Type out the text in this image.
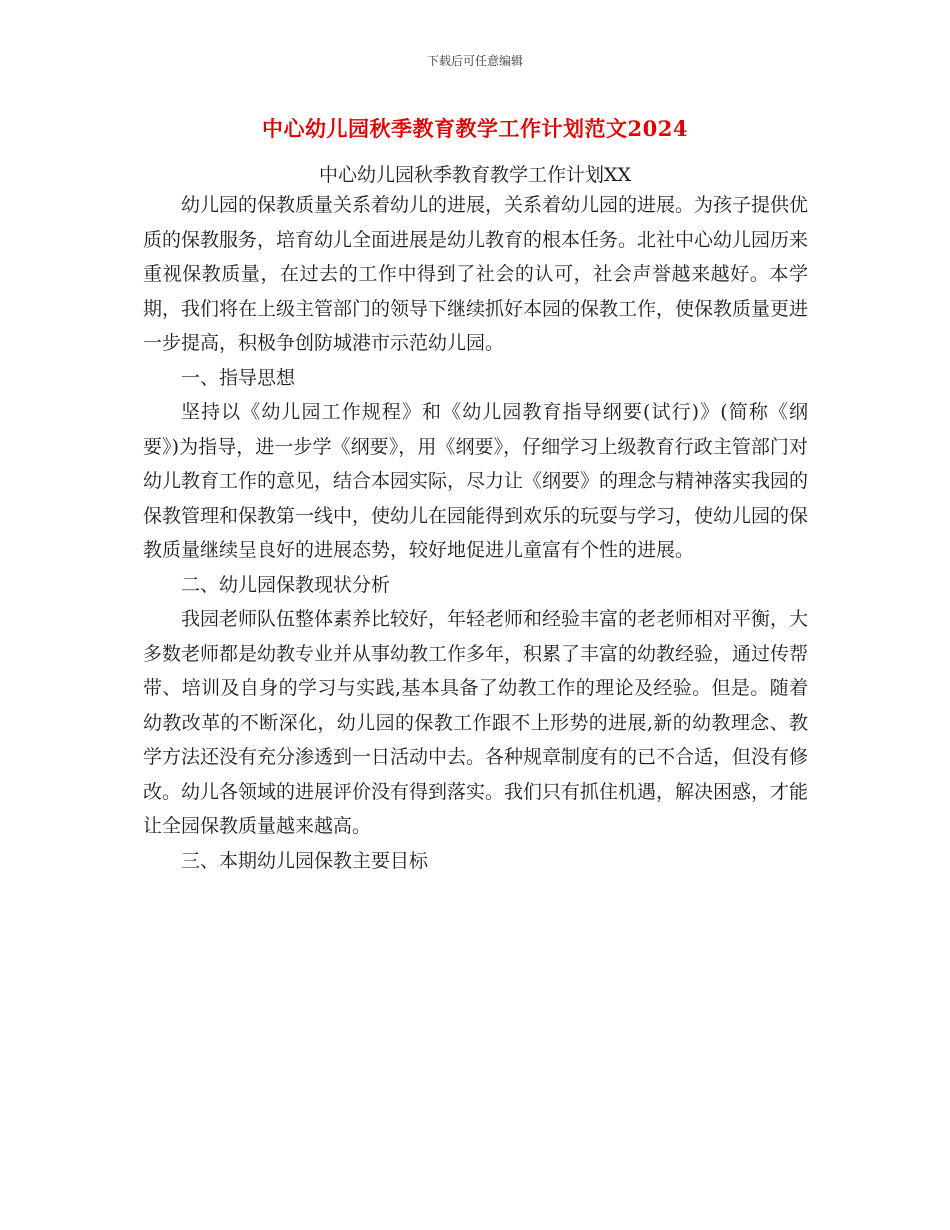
下载后可任意编辑
中心幼儿园秋季教育教学工作计划范文2024
中心幼儿园秋季教育教学工作计划XX

幼儿园的保教质量关系着幼儿的进展，关系着幼儿园的进展。为孩子提供优质的保教服务，培育幼儿全面进展是幼儿教育的根本任务。北社中心幼儿园历来重视保教质量，在过去的工作中得到了社会的认可，社会声誉越来越好。本学期，我们将在上级主管部门的领导下继续抓好本园的保教工作，使保教质量更进一步提高，积极争创防城港市示范幼儿园。

一、指导思想

坚持以《幼儿园工作规程》和《幼儿园教育指导纲要(试行)》(简称《纲要》)为指导，进一步学《纲要》，用《纲要》，仔细学习上级教育行政主管部门对幼儿教育工作的意见，结合本园实际，尽力让《纲要》的理念与精神落实我园的保教管理和保教第一线中，使幼儿在园能得到欢乐的玩耍与学习，使幼儿园的保教质量继续呈良好的进展态势，较好地促进儿童富有个性的进展。

二、幼儿园保教现状分析

我园老师队伍整体素养比较好，年轻老师和经验丰富的老老师相对平衡，大多数老师都是幼教专业并从事幼教工作多年，积累了丰富的幼教经验，通过传帮带、培训及自身的学习与实践,基本具备了幼教工作的理论及经验。但是。随着幼教改革的不断深化，幼儿园的保教工作跟不上形势的进展,新的幼教理念、教学方法还没有充分渗透到一日活动中去。各种规章制度有的已不合适，但没有修改。幼儿各领域的进展评价没有得到落实。我们只有抓住机遇，解决困惑，才能让全园保教质量越来越高。

三、本期幼儿园保教主要目标
